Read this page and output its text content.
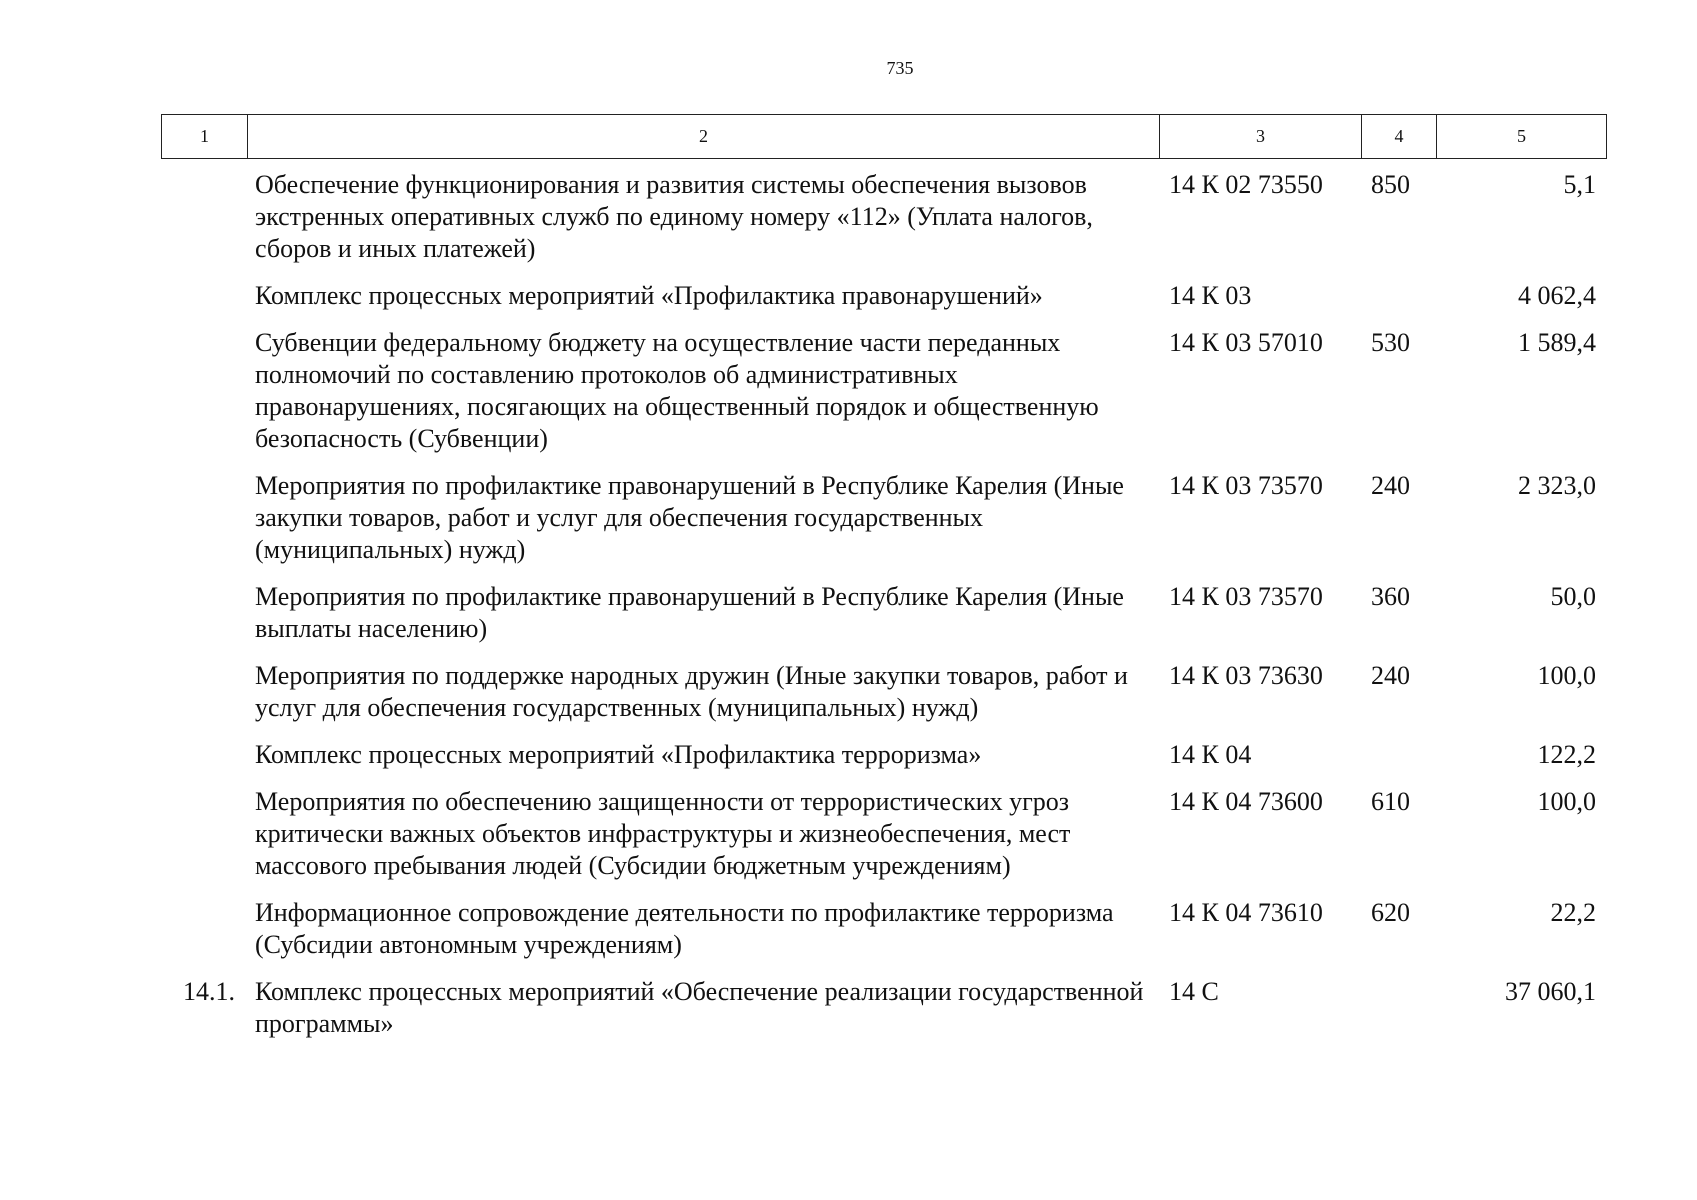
735
1	2	3	4	5
	Обеспечение функционирования и развития системы обеспечения вызовов экстренных оперативных служб по единому номеру «112» (Уплата налогов, сборов и иных платежей)	14 К 02 73550	850	5,1
	Комплекс процессных мероприятий «Профилактика правонарушений»	14 К 03		4 062,4
	Субвенции федеральному бюджету на осуществление части переданных полномочий по составлению протоколов об административных правонарушениях, посягающих на общественный порядок и общественную безопасность (Субвенции)	14 К 03 57010	530	1 589,4
	Мероприятия по профилактике правонарушений в Республике Карелия (Иные закупки товаров, работ и услуг для обеспечения государственных (муниципальных) нужд)	14 К 03 73570	240	2 323,0
	Мероприятия по профилактике правонарушений в Республике Карелия (Иные выплаты населению)	14 К 03 73570	360	50,0
	Мероприятия по поддержке народных дружин (Иные закупки товаров, работ и услуг для обеспечения государственных (муниципальных) нужд)	14 К 03 73630	240	100,0
	Комплекс процессных мероприятий «Профилактика терроризма»	14 К 04		122,2
	Мероприятия по обеспечению защищенности от террористических угроз критически важных объектов инфраструктуры и жизнеобеспечения, мест массового пребывания людей (Субсидии бюджетным учреждениям)	14 К 04 73600	610	100,0
	Информационное сопровождение деятельности по профилактике терроризма (Субсидии автономным учреждениям)	14 К 04 73610	620	22,2
14.1.	Комплекс процессных мероприятий «Обеспечение реализации государственной программы»	14 С		37 060,1
